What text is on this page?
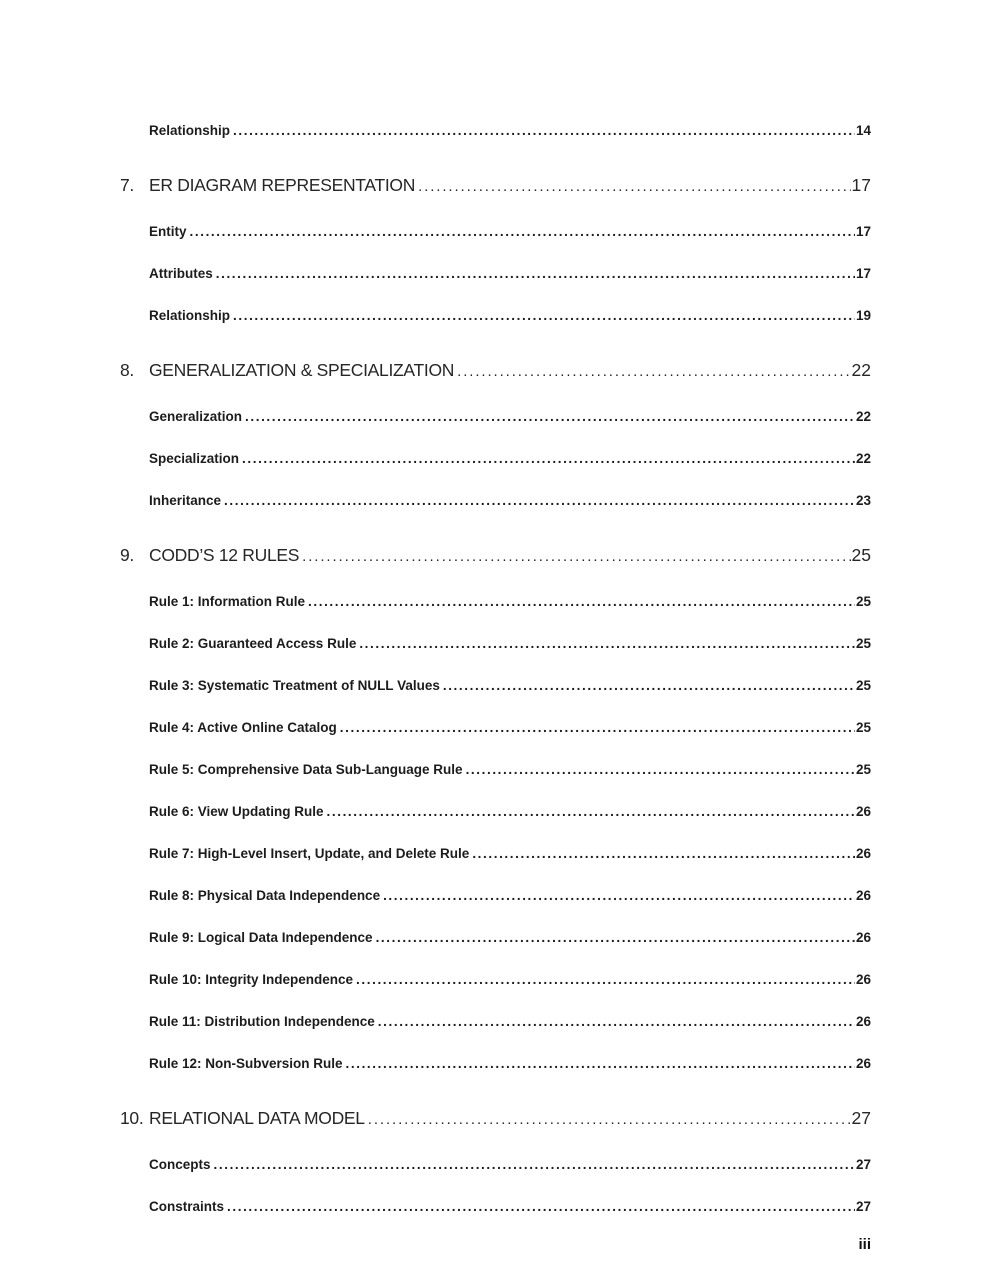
Relationship .....	14
7. ER DIAGRAM REPRESENTATION .....	17
Entity .....	17
Attributes .....	17
Relationship .....	19
8. GENERALIZATION & SPECIALIZATION .....	22
Generalization .....	22
Specialization .....	22
Inheritance .....	23
9. CODD’S 12 RULES .....	25
Rule 1: Information Rule .....	25
Rule 2: Guaranteed Access Rule .....	25
Rule 3: Systematic Treatment of NULL Values .....	25
Rule 4: Active Online Catalog .....	25
Rule 5: Comprehensive Data Sub-Language Rule .....	25
Rule 6: View Updating Rule .....	26
Rule 7: High-Level Insert, Update, and Delete Rule .....	26
Rule 8: Physical Data Independence .....	26
Rule 9: Logical Data Independence .....	26
Rule 10: Integrity Independence .....	26
Rule 11: Distribution Independence .....	26
Rule 12: Non-Subversion Rule .....	26
10. RELATIONAL DATA MODEL .....	27
Concepts .....	27
Constraints .....	27
iii
